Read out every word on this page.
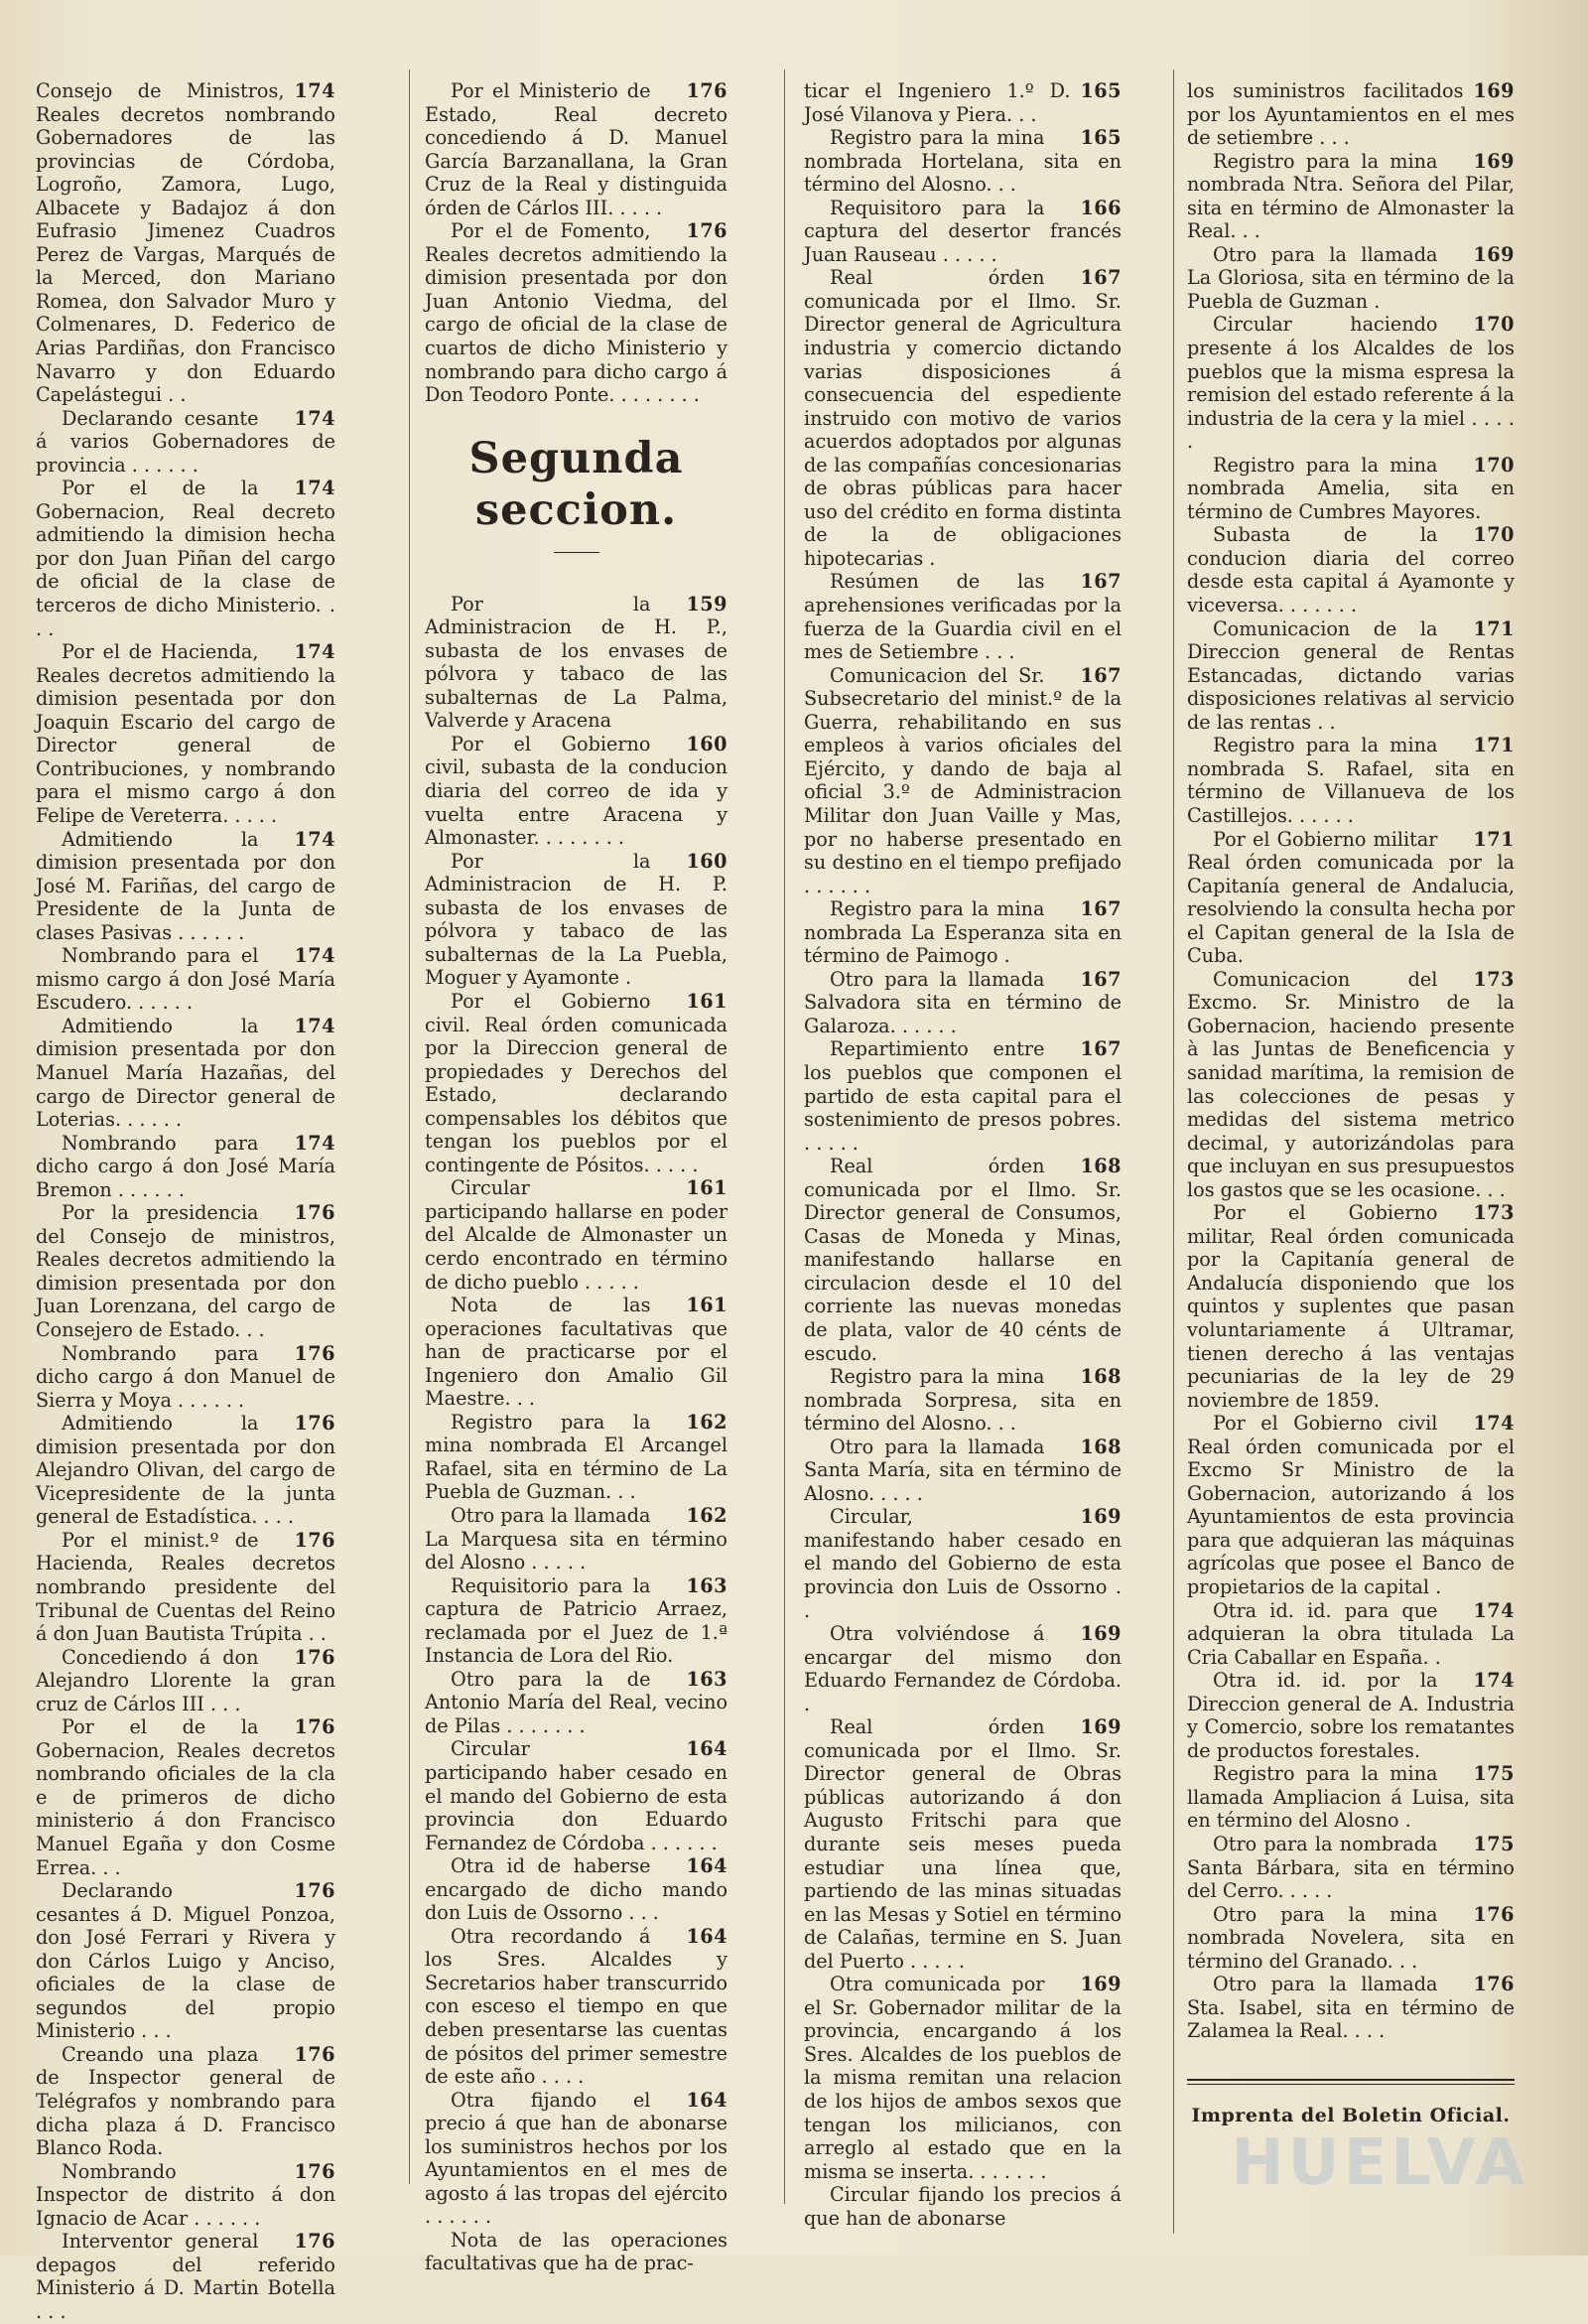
174
Consejo de Ministros, Reales decretos nombrando Gobernadores de las provincias de Córdoba, Logroño, Zamora, Lugo, Albacete y Badajoz á don Eufrasio Jimenez Cuadros Perez de Vargas, Marqués de la Merced, don Mariano Romea, don Salvador Muro y Colmenares, D. Federico de Arias Pardiñas, don Francisco Navarro y don Eduardo Capelástegui . .
174
Declarando cesante á varios Gobernadores de provincia . . . . . .
174
Por el de la Gobernacion, Real decreto admitiendo la dimision hecha por don Juan Piñan del cargo de oficial de la clase de terceros de dicho Ministerio. . . .
174
Por el de Hacienda, Reales decretos admitiendo la dimision pesentada por don Joaquin Escario del cargo de Director general de Contribuciones, y nombrando para el mismo cargo á don Felipe de Vereterra. . . . .
174
Admitiendo la dimision presentada por don José M. Fariñas, del cargo de Presidente de la Junta de clases Pasivas . . . . . .
174
Nombrando para el mismo cargo á don José María Escudero. . . . . .
174
Admitiendo la dimision presentada por don Manuel María Hazañas, del cargo de Director general de Loterias. . . . . .
174
Nombrando para dicho cargo á don José María Bremon . . . . . .
176
Por la presidencia del Consejo de ministros, Reales decretos admitiendo la dimision presentada por don Juan Lorenzana, del cargo de Consejero de Estado. . .
176
Nombrando para dicho cargo á don Manuel de Sierra y Moya . . . . . .
176
Admitiendo la dimision presentada por don Alejandro Olivan, del cargo de Vicepresidente de la junta general de Estadística. . . .
176
Por el minist.º de Hacienda, Reales decretos nombrando presidente del Tribunal de Cuentas del Reino á don Juan Bautista Trúpita . .
176
Concediendo á don Alejandro Llorente la gran cruz de Cárlos III . . .
176
Por el de la Gobernacion, Reales decretos nombrando oficiales de la cla e de primeros de dicho ministerio á don Francisco Manuel Egaña y don Cosme Errea. . .
176
Declarando cesantes á D. Miguel Ponzoa, don José Ferrari y Rivera y don Cárlos Luigo y Anciso, oficiales de la clase de segundos del propio Ministerio . . .
176
Creando una plaza de Inspector general de Telégrafos y nombrando para dicha plaza á D. Francisco Blanco Roda.
176
Nombrando Inspector de distrito á don Ignacio de Acar . . . . . .
176
Interventor general depagos del referido Ministerio á D. Martin Botella . . .
176
Por el Ministerio de Estado, Real decreto concediendo á D. Manuel García Barzanallana, la Gran Cruz de la Real y distinguida órden de Cárlos III. . . . .
176
Por el de Fomento, Reales decretos admitiendo la dimision presentada por don Juan Antonio Viedma, del cargo de oficial de la clase de cuartos de dicho Ministerio y nombrando para dicho cargo á Don Teodoro Ponte. . . . . . . .
Segunda seccion.
159
Por la Administracion de H. P., subasta de los envases de pólvora y tabaco de las subalternas de La Palma, Valverde y Aracena
160
Por el Gobierno civil, subasta de la conducion diaria del correo de ida y vuelta entre Aracena y Almonaster. . . . . . . .
160
Por la Administracion de H. P. subasta de los envases de pólvora y tabaco de las subalternas de la La Puebla, Moguer y Ayamonte .
161
Por el Gobierno civil. Real órden comunicada por la Direccion general de propiedades y Derechos del Estado, declarando compensables los débitos que tengan los pueblos por el contingente de Pósitos. . . . .
161
Circular participando hallarse en poder del Alcalde de Almonaster un cerdo encontrado en término de dicho pueblo . . . . .
161
Nota de las operaciones facultativas que han de practicarse por el Ingeniero don Amalio Gil Maestre. . .
162
Registro para la mina nombrada El Arcangel Rafael, sita en término de La Puebla de Guzman. . .
162
Otro para la llamada La Marquesa sita en término del Alosno . . . . .
163
Requisitorio para la captura de Patricio Arraez, reclamada por el Juez de 1.ª Instancia de Lora del Rio.
163
Otro para la de Antonio María del Real, vecino de Pilas . . . . . . .
164
Circular participando haber cesado en el mando del Gobierno de esta provincia don Eduardo Fernandez de Córdoba . . . . . .
164
Otra id de haberse encargado de dicho mando don Luis de Ossorno . . .
164
Otra recordando á los Sres. Alcaldes y Secretarios haber transcurrido con esceso el tiempo en que deben presentarse las cuentas de pósitos del primer semestre de este año . . . .
164
Otra fijando el precio á que han de abonarse los suministros hechos por los Ayuntamientos en el mes de agosto á las tropas del ejército . . . . . .
Nota de las operaciones facultativas que ha de prac-
165
ticar el Ingeniero 1.º D. José Vilanova y Piera. . .
165
Registro para la mina nombrada Hortelana, sita en término del Alosno. . .
166
Requisitoro para la captura del desertor francés Juan Rauseau . . . . .
167
Real órden comunicada por el Ilmo. Sr. Director general de Agricultura industria y comercio dictando varias disposiciones á consecuencia del espediente instruido con motivo de varios acuerdos adoptados por algunas de las compañías concesionarias de obras públicas para hacer uso del crédito en forma distinta de la de obligaciones hipotecarias .
167
Resúmen de las aprehensiones verificadas por la fuerza de la Guardia civil en el mes de Setiembre . . .
167
Comunicacion del Sr. Subsecretario del minist.º de la Guerra, rehabilitando en sus empleos à varios oficiales del Ejército, y dando de baja al oficial 3.º de Administracion Militar don Juan Vaille y Mas, por no haberse presentado en su destino en el tiempo prefijado . . . . . .
167
Registro para la mina nombrada La Esperanza sita en término de Paimogo .
167
Otro para la llamada Salvadora sita en término de Galaroza. . . . . .
167
Repartimiento entre los pueblos que componen el partido de esta capital para el sostenimiento de presos pobres. . . . . .
168
Real órden comunicada por el Ilmo. Sr. Director general de Consumos, Casas de Moneda y Minas, manifestando hallarse en circulacion desde el 10 del corriente las nuevas monedas de plata, valor de 40 cénts de escudo.
168
Registro para la mina nombrada Sorpresa, sita en término del Alosno. . .
168
Otro para la llamada Santa María, sita en término de Alosno. . . . .
169
Circular, manifestando haber cesado en el mando del Gobierno de esta provincia don Luis de Ossorno . .
169
Otra volviéndose á encargar del mismo don Eduardo Fernandez de Córdoba. .
169
Real órden comunicada por el Ilmo. Sr. Director general de Obras públicas autorizando á don Augusto Fritschi para que durante seis meses pueda estudiar una línea que, partiendo de las minas situadas en las Mesas y Sotiel en término de Calañas, termine en S. Juan del Puerto . . . . .
169
Otra comunicada por el Sr. Gobernador militar de la provincia, encargando á los Sres. Alcaldes de los pueblos de la misma remitan una relacion de los hijos de ambos sexos que tengan los milicianos, con arreglo al estado que en la misma se inserta. . . . . . .
Circular fijando los precios á que han de abonarse
169
los suministros facilitados por los Ayuntamientos en el mes de setiembre . . .
169
Registro para la mina nombrada Ntra. Señora del Pilar, sita en término de Almonaster la Real. . .
169
Otro para la llamada La Gloriosa, sita en término de la Puebla de Guzman .
170
Circular haciendo presente á los Alcaldes de los pueblos que la misma espresa la remision del estado referente á la industria de la cera y la miel . . . . .
170
Registro para la mina nombrada Amelia, sita en término de Cumbres Mayores.
170
Subasta de la conducion diaria del correo desde esta capital á Ayamonte y viceversa. . . . . . .
171
Comunicacion de la Direccion general de Rentas Estancadas, dictando varias disposiciones relativas al servicio de las rentas . .
171
Registro para la mina nombrada S. Rafael, sita en término de Villanueva de los Castillejos. . . . . .
171
Por el Gobierno militar Real órden comunicada por la Capitanía general de Andalucia, resolviendo la consulta hecha por el Capitan general de la Isla de Cuba.
173
Comunicacion del Excmo. Sr. Ministro de la Gobernacion, haciendo presente à las Juntas de Beneficencia y sanidad marítima, la remision de las colecciones de pesas y medidas del sistema metrico decimal, y autorizándolas para que incluyan en sus presupuestos los gastos que se les ocasione. . .
173
Por el Gobierno militar, Real órden comunicada por la Capitanía general de Andalucía disponiendo que los quintos y suplentes que pasan voluntariamente á Ultramar, tienen derecho á las ventajas pecuniarias de la ley de 29 noviembre de 1859.
174
Por el Gobierno civil Real órden comunicada por el Excmo Sr Ministro de la Gobernacion, autorizando á los Ayuntamientos de esta provincia para que adquieran las máquinas agrícolas que posee el Banco de propietarios de la capital .
174
Otra id. id. para que adquieran la obra titulada La Cria Caballar en España. .
174
Otra id. id. por la Direccion general de A. Industria y Comercio, sobre los rematantes de productos forestales.
175
Registro para la mina llamada Ampliacion á Luisa, sita en término del Alosno .
175
Otro para la nombrada Santa Bárbara, sita en término del Cerro. . . . .
176
Otro para la mina nombrada Novelera, sita en término del Granado. . .
176
Otro para la llamada Sta. Isabel, sita en término de Zalamea la Real. . . .
Imprenta del Boletin Oficial.
HUELVA
